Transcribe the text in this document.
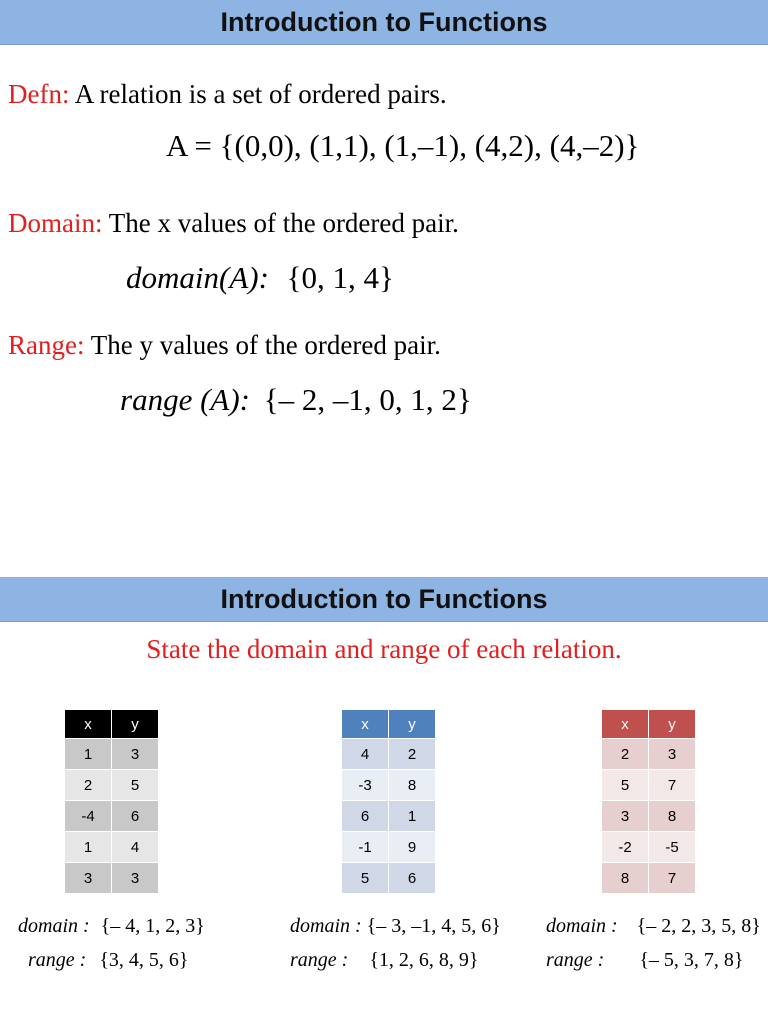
Introduction to Functions
Defn: A relation is a set of ordered pairs.
A = {(0,0), (1,1), (1,–1), (4,2), (4,–2)}
Domain: The x values of the ordered pair.
domain(A): {0, 1, 4}
Range: The y values of the ordered pair.
range (A): {– 2, –1, 0, 1, 2}
Introduction to Functions
State the domain and range of each relation.
x	y
1	3
2	5
-4	6
1	4
3	3
x	y
4	2
-3	8
6	1
-1	9
5	6
x	y
2	3
5	7
3	8
-2	-5
8	7
domain : {– 4, 1, 2, 3}
range : {3, 4, 5, 6}
domain : {– 3, –1, 4, 5, 6}
range : {1, 2, 6, 8, 9}
domain : {– 2, 2, 3, 5, 8}
range : {– 5, 3, 7, 8}
